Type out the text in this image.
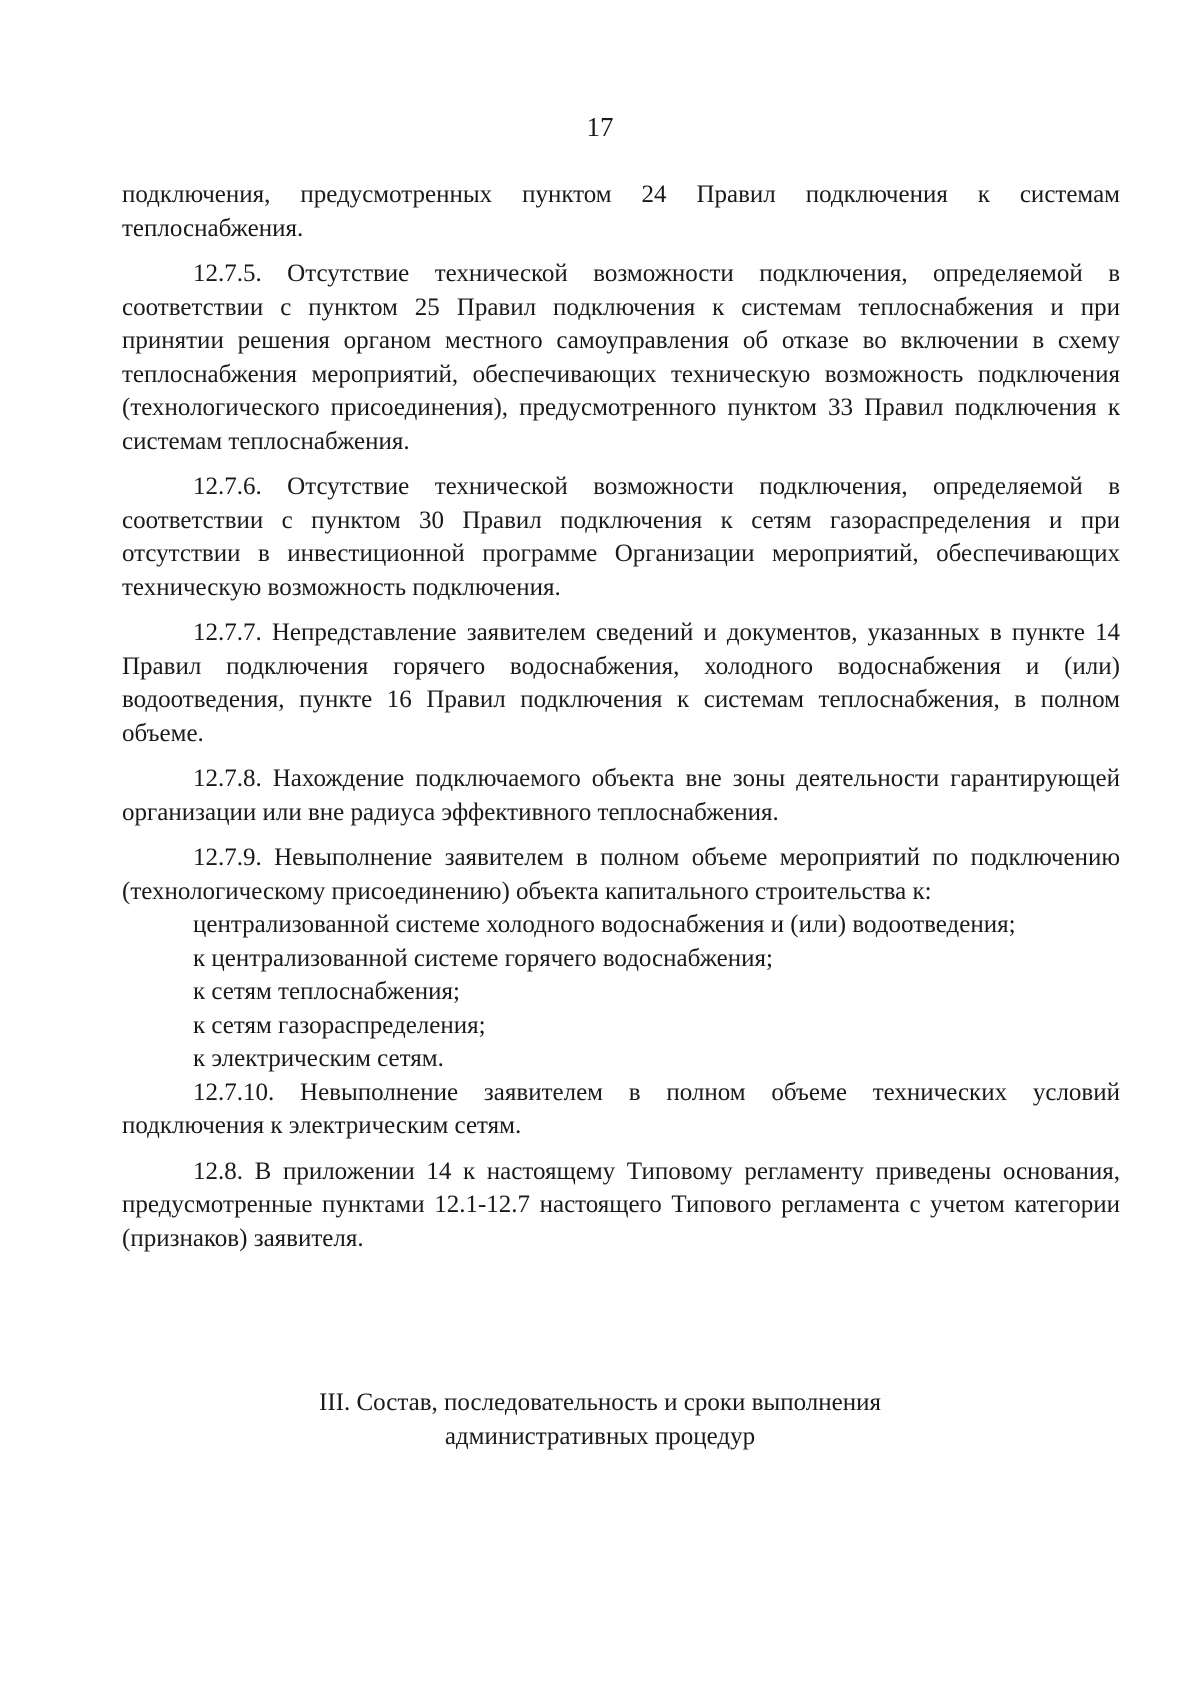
17

подключения, предусмотренных пунктом 24 Правил подключения к системам теплоснабжения.

12.7.5. Отсутствие технической возможности подключения, определяемой в соответствии с пунктом 25 Правил подключения к системам теплоснабжения и при принятии решения органом местного самоуправления об отказе во включении в схему теплоснабжения мероприятий, обеспечивающих техническую возможность подключения (технологического присоединения), предусмотренного пунктом 33 Правил подключения к системам теплоснабжения.

12.7.6. Отсутствие технической возможности подключения, определяемой в соответствии с пунктом 30 Правил подключения к сетям газораспределения и при отсутствии в инвестиционной программе Организации мероприятий, обеспечивающих техническую возможность подключения.

12.7.7. Непредставление заявителем сведений и документов, указанных в пункте 14 Правил подключения горячего водоснабжения, холодного водоснабжения и (или) водоотведения, пункте 16 Правил подключения к системам теплоснабжения, в полном объеме.

12.7.8. Нахождение подключаемого объекта вне зоны деятельности гарантирующей организации или вне радиуса эффективного теплоснабжения.

12.7.9. Невыполнение заявителем в полном объеме мероприятий по подключению (технологическому присоединению) объекта капитального строительства к:

централизованной системе холодного водоснабжения и (или) водоотведения;

к централизованной системе горячего водоснабжения;

к сетям теплоснабжения;

к сетям газораспределения;

к электрическим сетям.

12.7.10. Невыполнение заявителем в полном объеме технических условий подключения к электрическим сетям.

12.8. В приложении 14 к настоящему Типовому регламенту приведены основания, предусмотренные пунктами 12.1-12.7 настоящего Типового регламента с учетом категории (признаков) заявителя.

III. Состав, последовательность и сроки выполнения
административных процедур
